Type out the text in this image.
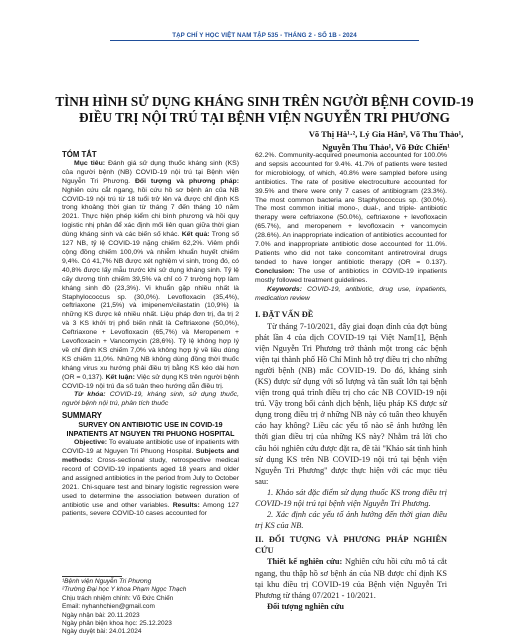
TẠP CHÍ Y HỌC VIỆT NAM TẬP 535 - THÁNG 2 - SỐ 1B - 2024
TÌNH HÌNH SỬ DỤNG KHÁNG SINH TRÊN NGƯỜI BỆNH COVID-19
ĐIỀU TRỊ NỘI TRÚ TẠI BỆNH VIỆN NGUYỄN TRI PHƯƠNG
Võ Thị Hà¹·², Lý Gia Hân², Võ Thu Thảo¹,
Nguyễn Thu Thảo¹, Võ Đức Chiến¹
TÓM TẮT
Mục tiêu: Đánh giá sử dụng thuốc kháng sinh (KS) của người bệnh (NB) COVID-19 nội trú tại Bệnh viện Nguyễn Tri Phương. Đối tượng và phương pháp: Nghiên cứu cắt ngang, hồi cứu hồ sơ bệnh án của NB COVID-19 nội trú từ 18 tuổi trở lên và được chỉ định KS trong khoảng thời gian từ tháng 7 đến tháng 10 năm 2021. Thực hiện phép kiểm chi bình phương và hồi quy logistic nhị phân để xác định mối liên quan giữa thời gian dùng kháng sinh và các biến số khác. Kết quả: Trong số 127 NB, tỷ lệ COVID-19 nặng chiếm 62,2%. Viêm phổi cộng đồng chiếm 100,0% và nhiễm khuẩn huyết chiếm 9,4%. Có 41,7% NB được xét nghiệm vi sinh, trong đó, có 40,8% được lấy mẫu trước khi sử dụng kháng sinh. Tỷ lệ cấy dương tính chiếm 39,5% và chỉ có 7 trường hợp làm kháng sinh đồ (23,3%). Vi khuẩn gặp nhiều nhất là Staphylococcus sp. (30,0%). Levofloxacin (35,4%), ceftriaxone (21,5%) và imipenem/cilastatin (10,9%) là những KS được kê nhiều nhất. Liệu pháp đơn trị, đa trị 2 và 3 KS khởi trị phổ biến nhất là Ceftriaxone (50,0%), Ceftriaxone + Levofloxacin (65,7%) và Meropenem + Levofloxacin + Vancomycin (28,6%). Tỷ lệ không hợp lý về chỉ định KS chiếm 7,0% và không hợp lý về liều dùng KS chiếm 11,0%. Những NB không dùng đồng thời thuốc kháng virus xu hướng phải điều trị bằng KS kéo dài hơn (OR = 0,137). Kết luận: Việc sử dụng KS trên người bệnh COVID-19 nội trú đa số tuân theo hướng dẫn điều trị.
Từ khóa: COVID-19, kháng sinh, sử dụng thuốc, người bệnh nội trú, phân tích thuốc
SUMMARY
SURVEY ON ANTIBIOTIC USE IN COVID-19 INPATIENTS AT NGUYEN TRI PHUONG HOSPITAL
Objective: To evaluate antibiotic use of inpatients with COVID-19 at Nguyen Tri Phuong Hospital. Subjects and methods: Cross-sectional study, retrospective medical record of COVID-19 inpatients aged 18 years and older and assigned antibiotics in the period from July to October 2021. Chi-square test and binary logistic regression were used to determine the association between duration of antibiotic use and other variables. Results: Among 127 patients, severe COVID-10 cases accounted for
¹Bệnh viện Nguyễn Tri Phương
²Trường Đại học Y khoa Phạm Ngọc Thạch
Chịu trách nhiệm chính: Võ Đức Chiến
Email: nyhanhchien@gmail.com
Ngày nhận bài: 20.11.2023
Ngày phản biện khoa học: 25.12.2023
Ngày duyệt bài: 24.01.2024
62.2%. Community-acquired pneumonia accounted for 100.0% and sepsis accounted for 9.4%. 41.7% of patients were tested for microbiology, of which, 40.8% were sampled before using antibiotics. The rate of positive electroculture accounted for 39.5% and there were only 7 cases of antibiogram (23.3%). The most common bacteria are Staphylococcus sp. (30.0%). The most common initial mono-, dual-, and triple- antibiotic therapy were ceftriaxone (50.0%), ceftriaxone + levofloxacin (65.7%), and meropenem + levofloxacin + vancomycin (28.6%). An inappropriate indication of antibiotics accounted for 7.0% and inappropriate antibiotic dose accounted for 11.0%. Patients who did not take concomitant antiretroviral drugs tended to have longer antibiotic therapy (OR = 0.137). Conclusion: The use of antibiotics in COVID-19 inpatients mostly followed treatment guidelines.
Keywords: COVID-19, antibiotic, drug use, inpatients, medication review
I. ĐẶT VẤN ĐỀ
Từ tháng 7-10/2021, đây giai đoạn đỉnh của đợt bùng phát lần 4 của dịch COVID-19 tại Việt Nam[1], Bệnh viện Nguyễn Tri Phương trở thành một trong các bệnh viện tại thành phố Hồ Chí Minh hỗ trợ điều trị cho những người bệnh (NB) mắc COVID-19. Do đó, kháng sinh (KS) được sử dụng với số lượng và tần suất lớn tại bệnh viện trong quá trình điều trị cho các NB COVID-19 nội trú. Vậy trong bối cảnh dịch bệnh, liệu pháp KS được sử dụng trong điều trị ở những NB này có tuân theo khuyến cáo hay không? Liều các yếu tố nào sẽ ảnh hưởng lên thời gian điều trị của những KS này? Nhằm trả lời cho câu hỏi nghiên cứu được đặt ra, đề tài "Khảo sát tình hình sử dụng KS trên NB COVID-19 nội trú tại bệnh viện Nguyễn Tri Phương" được thực hiện với các mục tiêu sau:
1. Khảo sát đặc điểm sử dụng thuốc KS trong điều trị COVID-19 nội trú tại bệnh viện Nguyễn Tri Phương.
2. Xác định các yếu tố ảnh hưởng đến thời gian điều trị KS của NB.
II. ĐỐI TƯỢNG VÀ PHƯƠNG PHÁP NGHIÊN CỨU
Thiết kế nghiên cứu: Nghiên cứu hồi cứu mô tả cắt ngang, thu thập hồ sơ bệnh án của NB được chỉ định KS tại khu điều trị COVID-19 của Bệnh viện Nguyễn Tri Phương từ tháng 07/2021 - 10/2021.
Đối tượng nghiên cứu
